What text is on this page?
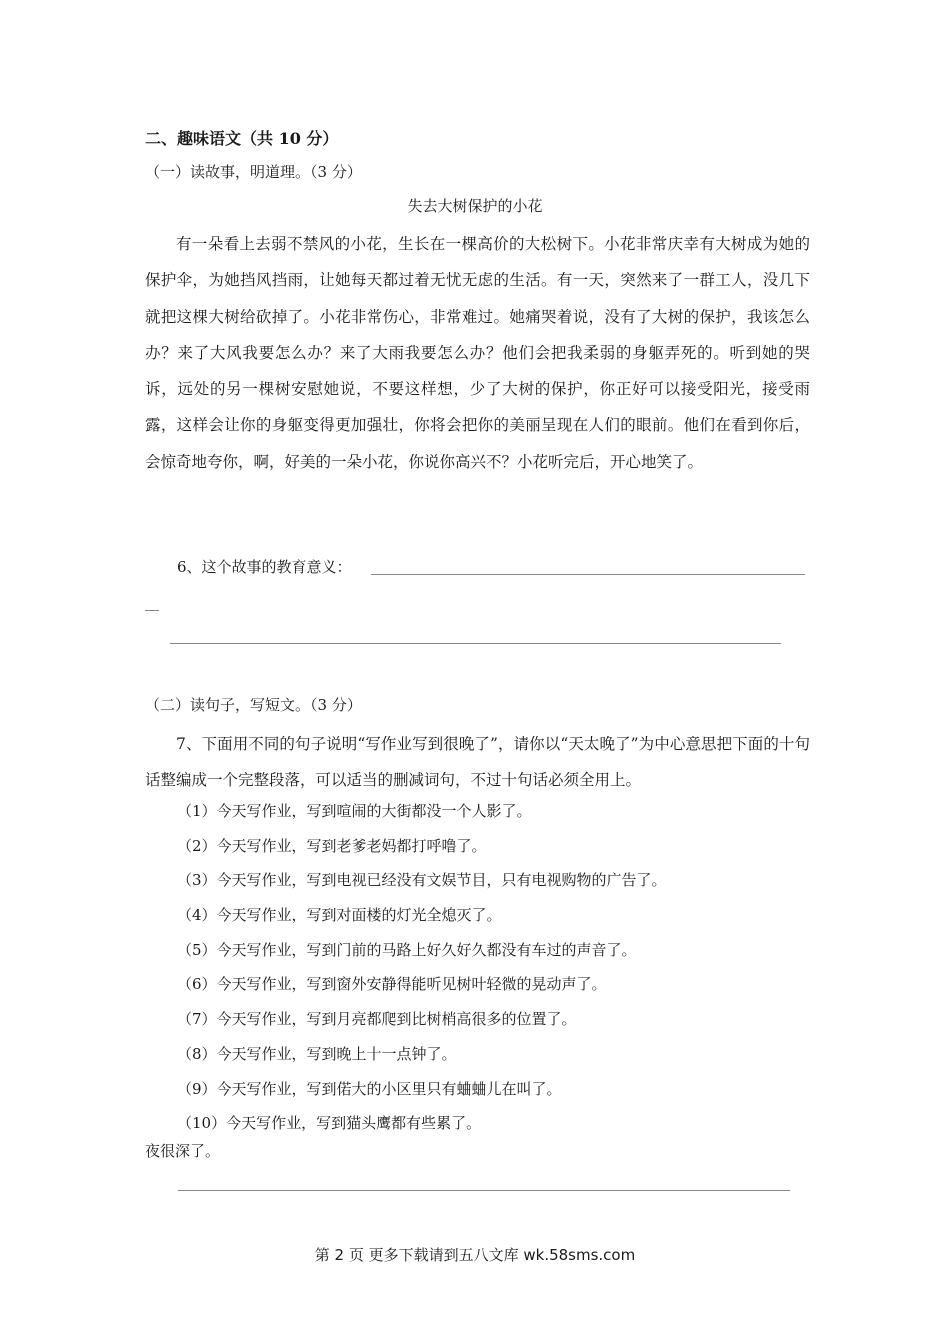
二、趣味语文（共 10 分）
（一）读故事，明道理。（3 分）
失去大树保护的小花
有一朵看上去弱不禁风的小花，生长在一棵高价的大松树下。小花非常庆幸有大树成为她的保护伞，为她挡风挡雨，让她每天都过着无忧无虑的生活。有一天，突然来了一群工人，没几下就把这棵大树给砍掉了。小花非常伤心，非常难过。她痛哭着说，没有了大树的保护，我该怎么办？来了大风我要怎么办？来了大雨我要怎么办？他们会把我柔弱的身躯弄死的。听到她的哭诉，远处的另一棵树安慰她说，不要这样想，少了大树的保护，你正好可以接受阳光，接受雨露，这样会让你的身躯变得更加强壮，你将会把你的美丽呈现在人们的眼前。他们在看到你后，会惊奇地夸你，啊，好美的一朵小花，你说你高兴不？小花听完后，开心地笑了。
6、这个故事的教育意义：
（二）读句子，写短文。（3 分）
7、下面用不同的句子说明“写作业写到很晚了”，请你以“天太晚了”为中心意思把下面的十句话整编成一个完整段落，可以适当的删减词句，不过十句话必须全用上。
（1）今天写作业，写到喧闹的大街都没一个人影了。
（2）今天写作业，写到老爹老妈都打呼噜了。
（3）今天写作业，写到电视已经没有文娱节目，只有电视购物的广告了。
（4）今天写作业，写到对面楼的灯光全熄灭了。
（5）今天写作业，写到门前的马路上好久好久都没有车过的声音了。
（6）今天写作业，写到窗外安静得能听见树叶轻微的晃动声了。
（7）今天写作业，写到月亮都爬到比树梢高很多的位置了。
（8）今天写作业，写到晚上十一点钟了。
（9）今天写作业，写到偌大的小区里只有蛐蛐儿在叫了。
（10）今天写作业，写到猫头鹰都有些累了。
夜很深了。
第 2 页 更多下载请到五八文库 wk.58sms.com
